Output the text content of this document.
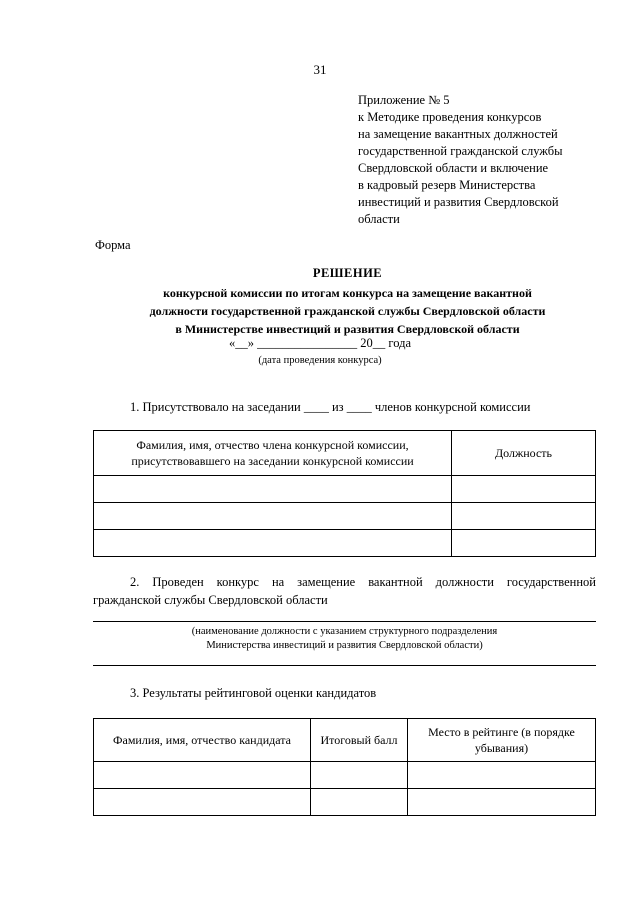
31
Приложение № 5
к Методике проведения конкурсов
на замещение вакантных должностей
государственной гражданской службы
Свердловской области и включение
в кадровый резерв Министерства
инвестиций и развития Свердловской
области
Форма
РЕШЕНИЕ
конкурсной комиссии по итогам конкурса на замещение вакантной
должности государственной гражданской службы Свердловской области
в Министерстве инвестиций и развития Свердловской области
«__» ________________ 20__ года
(дата проведения конкурса)
1. Присутствовало на заседании ____ из ____ членов конкурсной комиссии
Фамилия, имя, отчество члена конкурсной комиссии, присутствовавшего на заседании конкурсной комиссии	Должность

2. Проведен конкурс на замещение вакантной должности государственной гражданской службы Свердловской области
(наименование должности с указанием структурного подразделения
Министерства инвестиций и развития Свердловской области)
3. Результаты рейтинговой оценки кандидатов
Фамилия, имя, отчество кандидата	Итоговый балл	Место в рейтинге (в порядке убывания)
